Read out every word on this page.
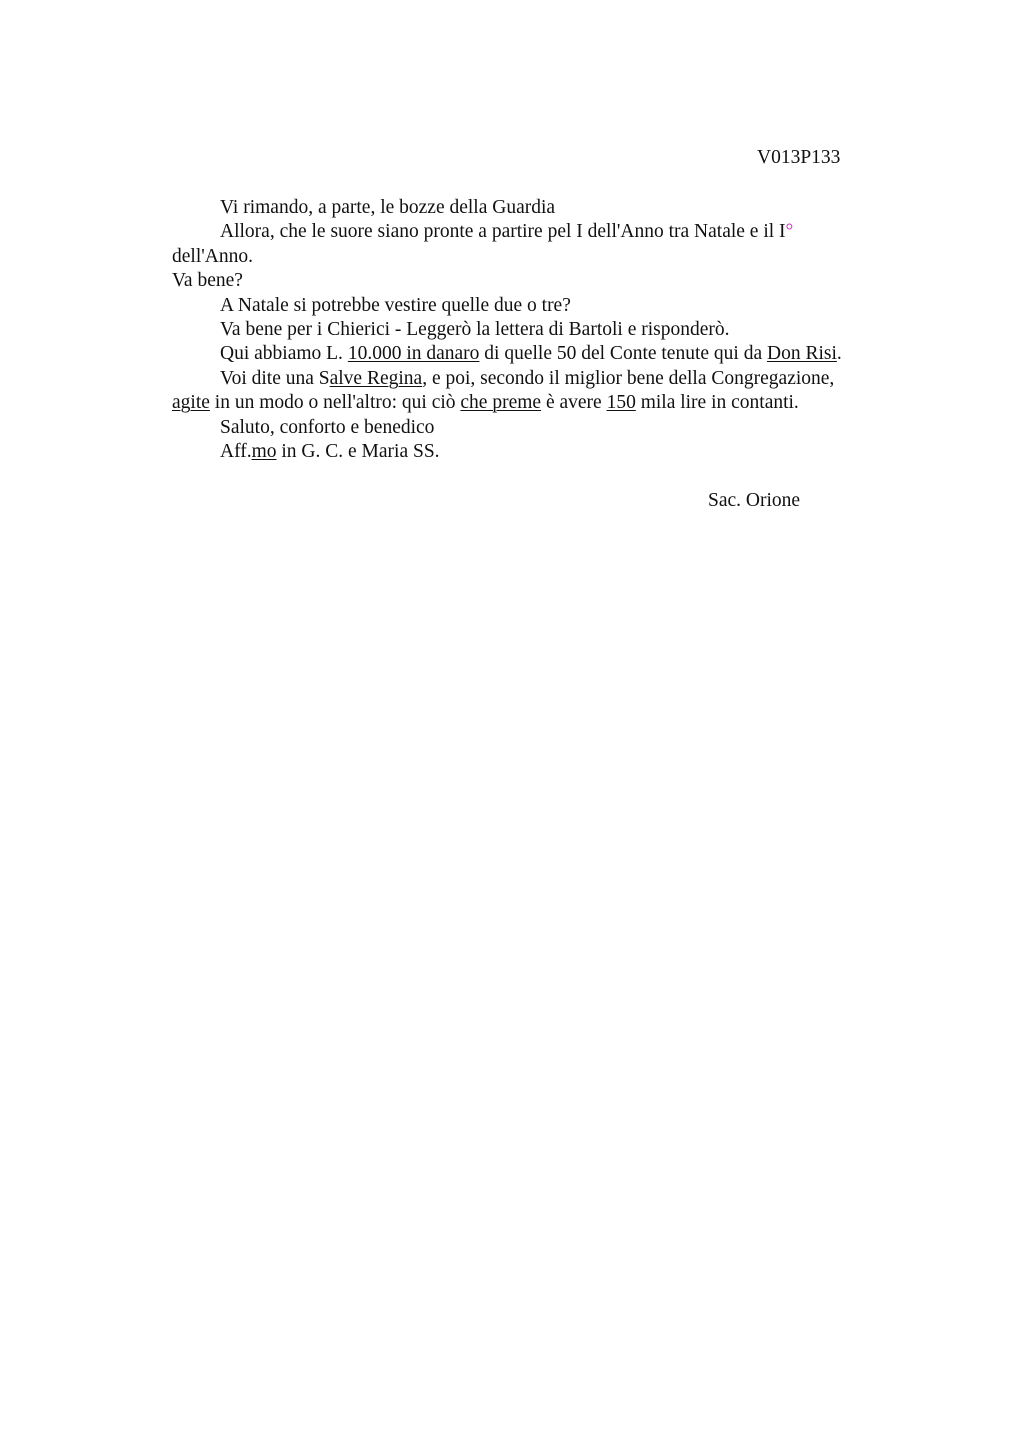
V013P133
Vi rimando, a parte, le bozze della Guardia
Allora, che le suore siano pronte a partire pel I dell'Anno tra Natale e il I°
dell'Anno.
Va bene?
A Natale si potrebbe vestire quelle due o tre?
Va bene per i Chierici - Leggerò la lettera di Bartoli e risponderò.
Qui abbiamo L. 10.000 in danaro di quelle 50 del Conte tenute qui da Don Risi.
Voi dite una Salve Regina, e poi, secondo il miglior bene della Congregazione,
agite in un modo o nell'altro: qui ciò che preme è avere 150 mila lire in contanti.
Saluto, conforto e benedico
Aff.mo in G. C. e Maria SS.
Sac. Orione
